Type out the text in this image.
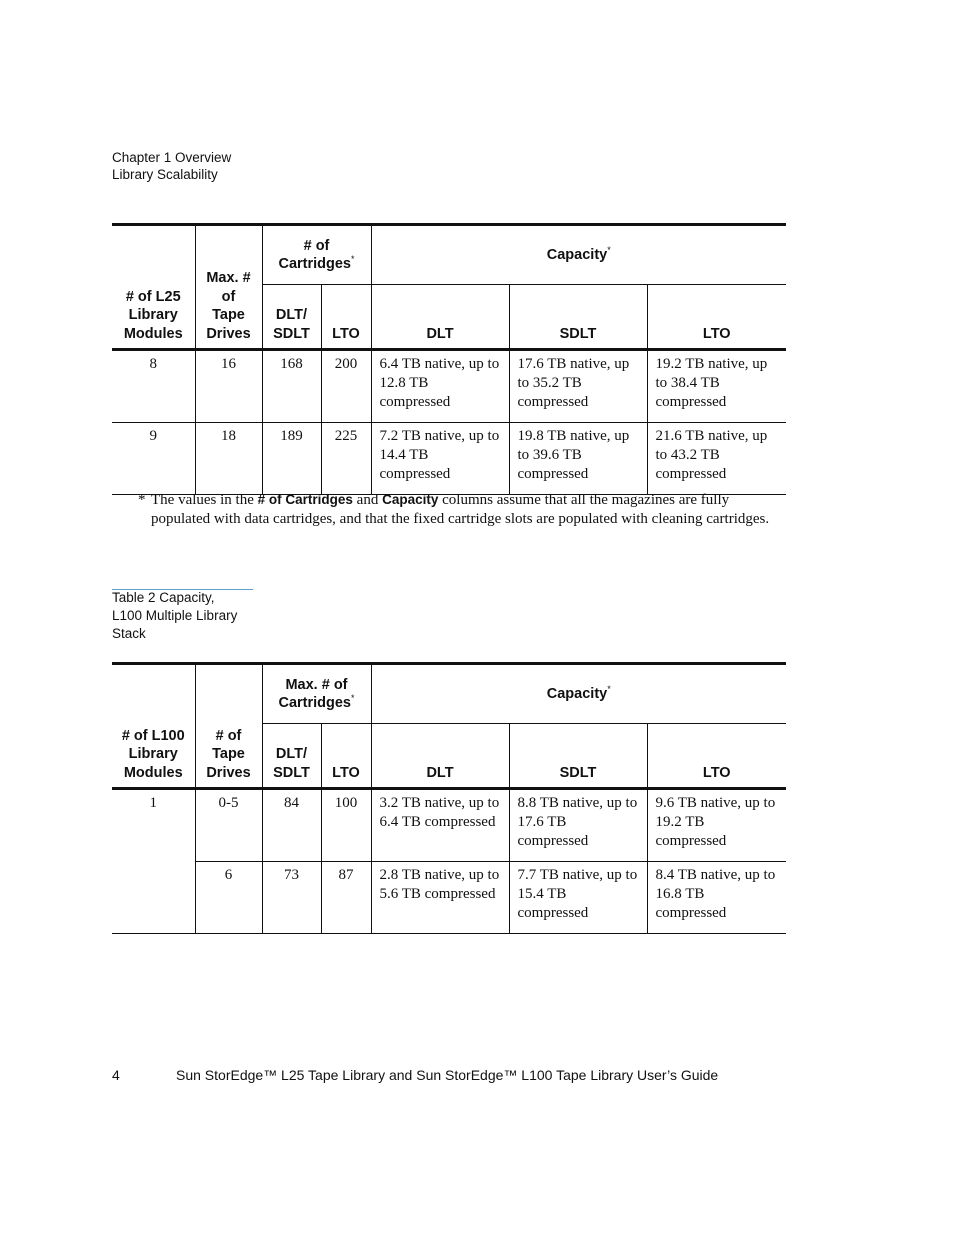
Chapter 1 Overview
Library Scalability
# of L25 Library Modules	Max. # of Tape Drives	# of Cartridges*		Capacity*
		DLT/ SDLT	LTO	DLT	SDLT	LTO
8	16	168	200	6.4 TB native, up to 12.8 TB compressed	17.6 TB native, up to 35.2 TB compressed	19.2 TB native, up to 38.4 TB compressed
9	18	189	225	7.2 TB native, up to 14.4 TB compressed	19.8 TB native, up to 39.6 TB compressed	21.6 TB native, up to 43.2 TB compressed
* The values in the # of Cartridges and Capacity columns assume that all the magazines are fully populated with data cartridges, and that the fixed cartridge slots are populated with cleaning cartridges.
Table 2 Capacity,
L100 Multiple Library
Stack
# of L100 Library Modules	# of Tape Drives	Max. # of Cartridges*		Capacity*
		DLT/ SDLT	LTO	DLT	SDLT	LTO
1	0-5	84	100	3.2 TB native, up to 6.4 TB compressed	8.8 TB native, up to 17.6 TB compressed	9.6 TB native, up to 19.2 TB compressed
	6	73	87	2.8 TB native, up to 5.6 TB compressed	7.7 TB native, up to 15.4 TB compressed	8.4 TB native, up to 16.8 TB compressed
4	Sun StorEdge™ L25 Tape Library and Sun StorEdge™ L100 Tape Library User’s Guide
